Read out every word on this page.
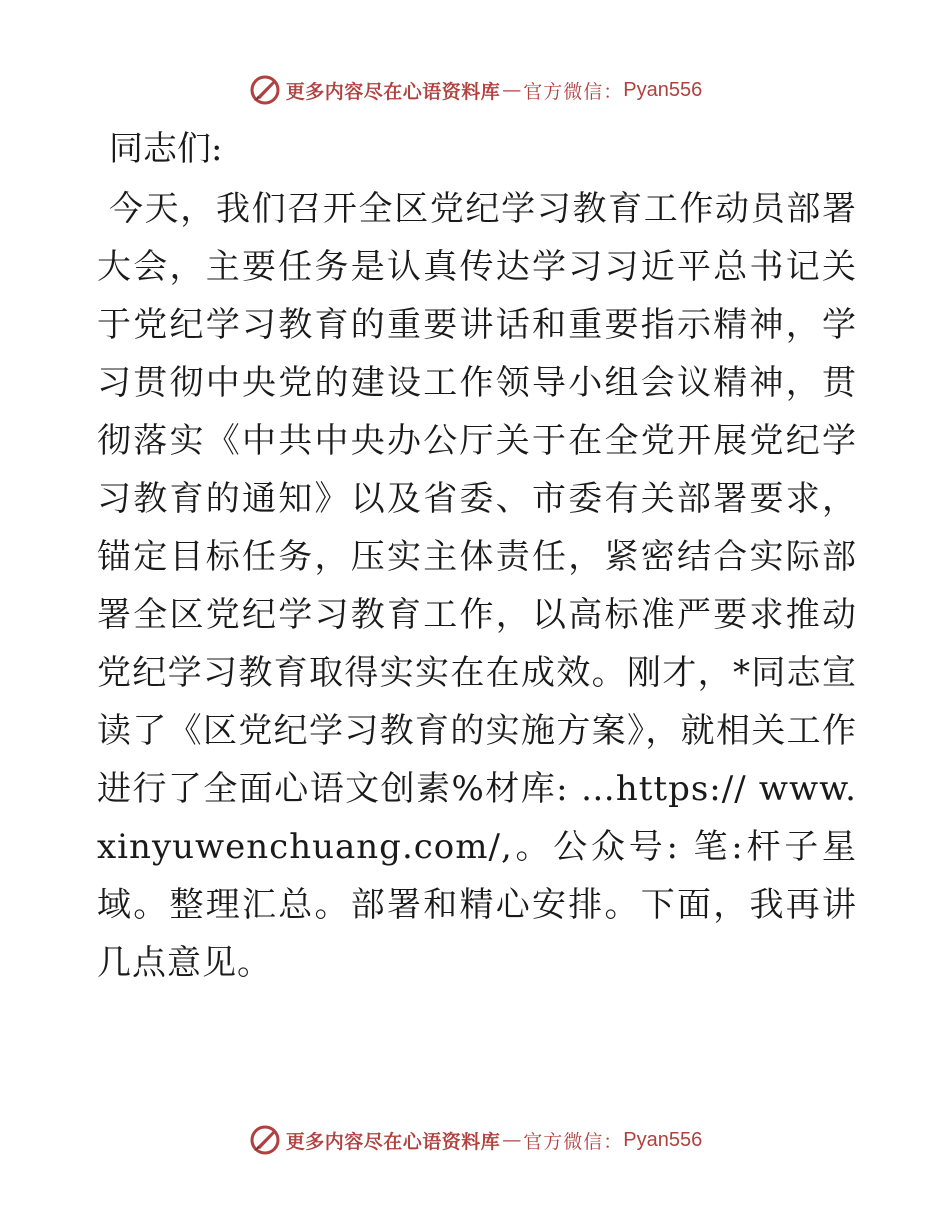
更多内容尽在心语资料库 — 官方微信： Pyan556

同志们:

今天，我们召开全区党纪学习教育工作动员部署大会，主要任务是认真传达学习习近平总书记关于党纪学习教育的重要讲话和重要指示精神，学习贯彻中央党的建设工作领导小组会议精神，贯彻落实《中共中央办公厅关于在全党开展党纪学习教育的通知》以及省委、市委有关部署要求，锚定目标任务，压实主体责任，紧密结合实际部署全区党纪学习教育工作，以高标准严要求推动党纪学习教育取得实实在在成效。刚才，*同志宣读了《区党纪学习教育的实施方案》，就相关工作进行了全面心语文创素%材库: …https:// www.xinyuwenchuang.com/,。公众号: 笔:杆子星域。整理汇总。部署和精心安排。下面，我再讲几点意见。

更多内容尽在心语资料库 — 官方微信： Pyan556
